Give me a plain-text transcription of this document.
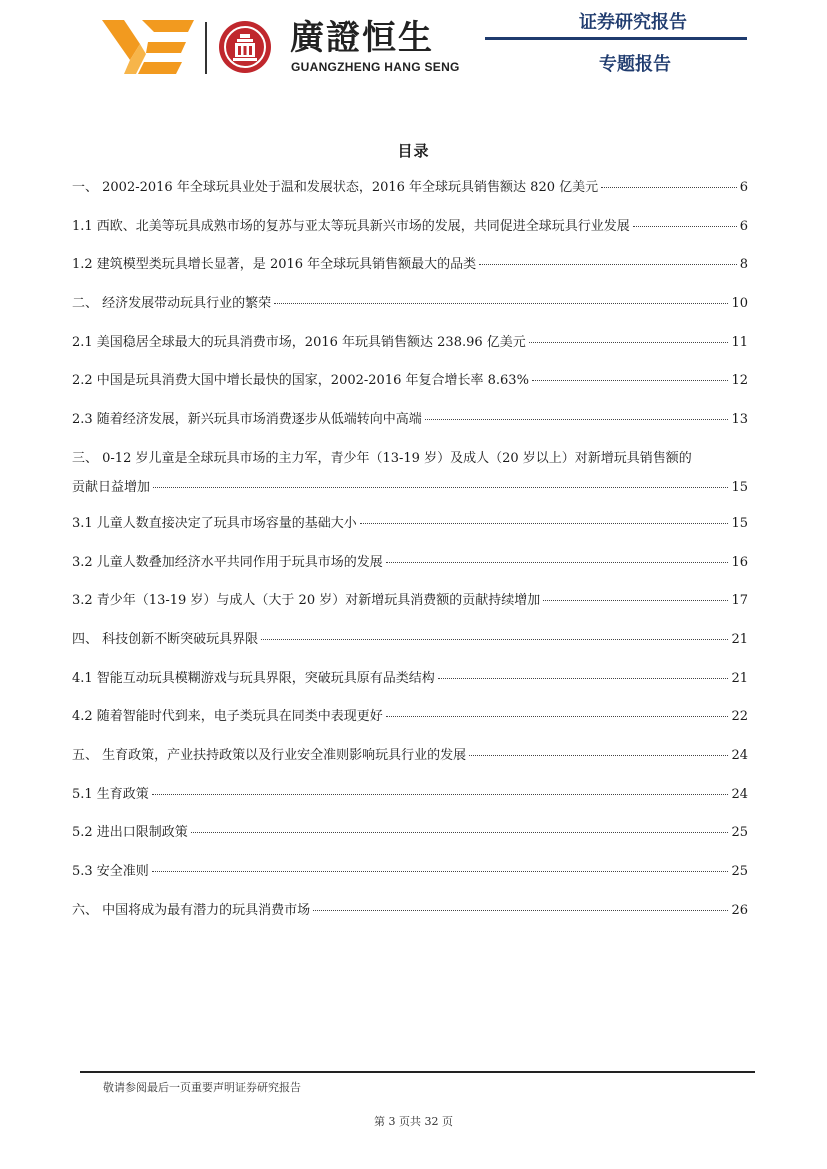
廣證恒生
GUANGZHENG HANG SENG
证券研究报告
专题报告
目录
一、 2002-2016 年全球玩具业处于温和发展状态，2016 年全球玩具销售额达 820 亿美元	6
1.1 西欧、北美等玩具成熟市场的复苏与亚太等玩具新兴市场的发展，共同促进全球玩具行业发展	6
1.2 建筑模型类玩具增长显著，是 2016 年全球玩具销售额最大的品类	8
二、 经济发展带动玩具行业的繁荣	10
2.1 美国稳居全球最大的玩具消费市场，2016 年玩具销售额达 238.96 亿美元	11
2.2 中国是玩具消费大国中增长最快的国家，2002-2016 年复合增长率 8.63%	12
2.3 随着经济发展，新兴玩具市场消费逐步从低端转向中高端	13
三、 0-12 岁儿童是全球玩具市场的主力军，青少年（13-19 岁）及成人（20 岁以上）对新增玩具销售额的
贡献日益增加	15
3.1 儿童人数直接决定了玩具市场容量的基础大小	15
3.2 儿童人数叠加经济水平共同作用于玩具市场的发展	16
3.2 青少年（13-19 岁）与成人（大于 20 岁）对新增玩具消费额的贡献持续增加	17
四、 科技创新不断突破玩具界限	21
4.1 智能互动玩具模糊游戏与玩具界限，突破玩具原有品类结构	21
4.2 随着智能时代到来，电子类玩具在同类中表现更好	22
五、 生育政策，产业扶持政策以及行业安全准则影响玩具行业的发展	24
5.1 生育政策	24
5.2 进出口限制政策	25
5.3 安全准则	25
六、 中国将成为最有潜力的玩具消费市场	26
敬请参阅最后一页重要声明证券研究报告
第 3 页共 32 页
